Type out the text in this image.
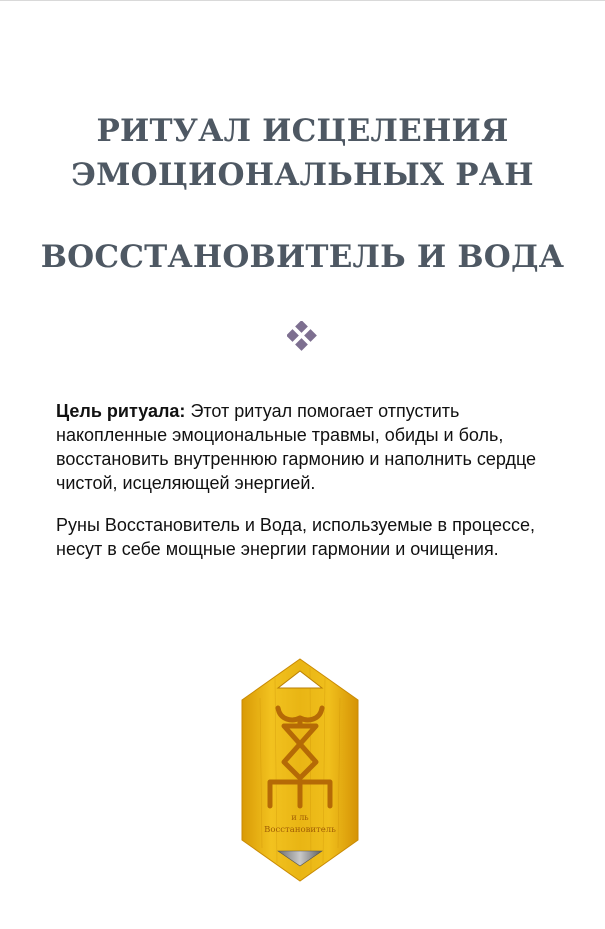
РИТУАЛ ИСЦЕЛЕНИЯ
ЭМОЦИОНАЛЬНЫХ РАН
ВОССТАНОВИТЕЛЬ И ВОДА
Цель ритуала: Этот ритуал помогает отпустить накопленные эмоциональные травмы, обиды и боль, восстановить внутреннюю гармонию и наполнить сердце чистой, исцеляющей энергией.
Руны Восстановитель и Вода, используемые в процессе, несут в себе мощные энергии гармонии и очищения.
и ль
Восстановитель
